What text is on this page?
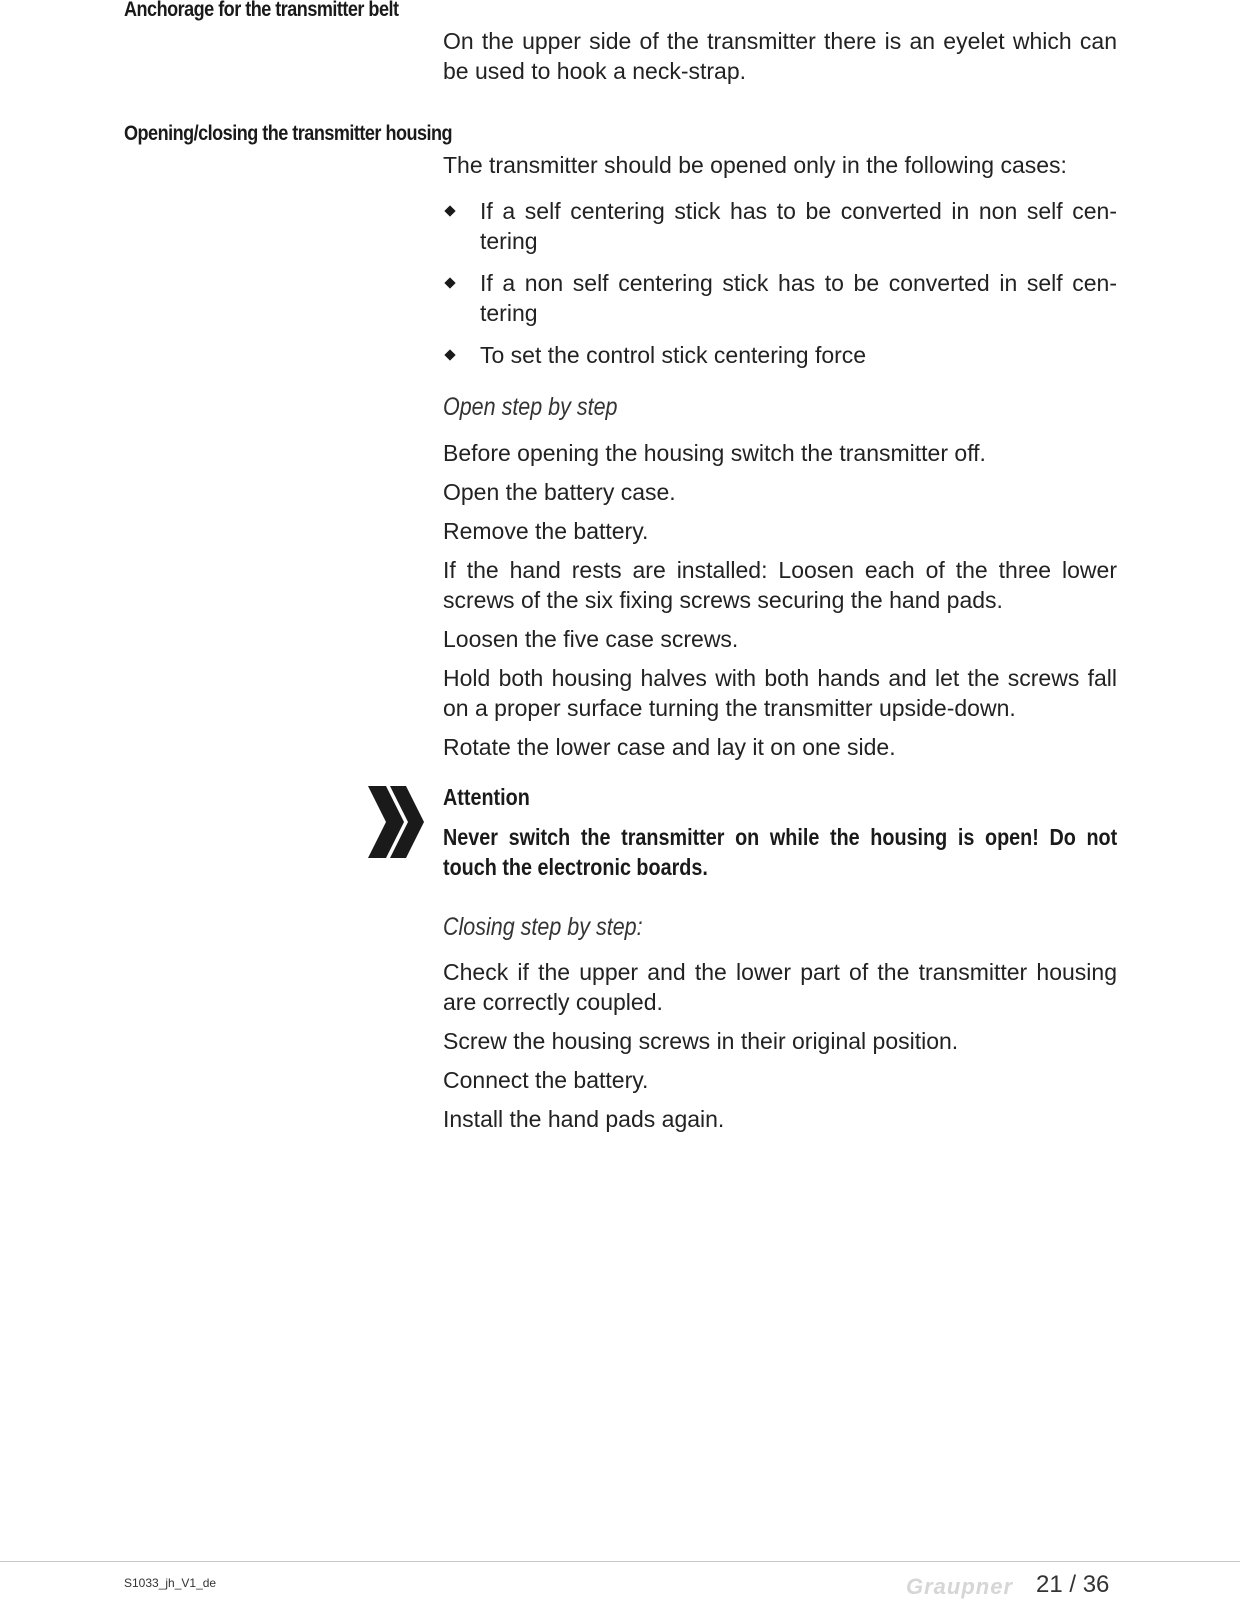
Anchorage for the transmitter belt

On the upper side of the transmitter there is an eyelet which can be used to hook a neck-strap.

Opening/closing the transmitter housing

The transmitter should be opened only in the following cases:

If a self centering stick has to be converted in non self cen-tering
If a non self centering stick has to be converted in self cen-tering
To set the control stick centering force

Open step by step

Before opening the housing switch the transmitter off.

Open the battery case.

Remove the battery.

If the hand rests are installed: Loosen each of the three lower screws of the six fixing screws securing the hand pads.

Loosen the five case screws.

Hold both housing halves with both hands and let the screws fall on a proper surface turning the transmitter upside-down.

Rotate the lower case and lay it on one side.

Attention

Never switch the transmitter on while the housing is open! Do not touch the electronic boards.

Closing step by step:

Check if the upper and the lower part of the transmitter housing are correctly coupled.

Screw the housing screws in their original position.

Connect the battery.

Install the hand pads again.

S1033_jh_V1_de	Graupner 21 / 36
